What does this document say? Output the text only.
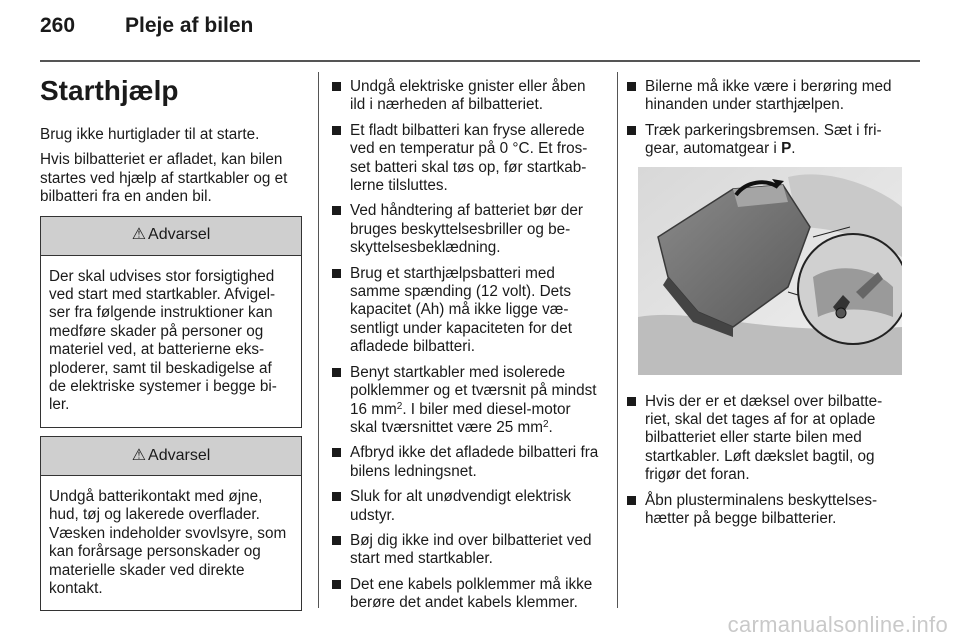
260 Pleje af bilen
Starthjælp

Brug ikke hurtiglader til at starte.

Hvis bilbatteriet er afladet, kan bilen startes ved hjælp af startkabler og et bilbatteri fra en anden bil.

⚠ Advarsel
Der skal udvises stor forsigtighed ved start med startkabler. Afvigel-ser fra følgende instruktioner kan medføre skader på personer og materiel ved, at batterierne eks-ploderer, samt til beskadigelse af de elektriske systemer i begge bi-ler.
⚠ Advarsel
Undgå batterikontakt med øjne, hud, tøj og lakerede overflader. Væsken indeholder svovlsyre, som kan forårsage personskader og materielle skader ved direkte kontakt.
Undgå elektriske gnister eller åben ild i nærheden af bilbatteriet.
Et fladt bilbatteri kan fryse allerede ved en temperatur på 0 °C. Et fros-set batteri skal tøs op, før startkab-lerne tilsluttes.
Ved håndtering af batteriet bør der bruges beskyttelsesbriller og be-skyttelsesbeklædning.
Brug et starthjælpsbatteri med samme spænding (12 volt). Dets kapacitet (Ah) må ikke ligge væ-sentligt under kapaciteten for det afladede bilbatteri.
Benyt startkabler med isolerede polklemmer og et tværsnit på mindst 16 $mm^2$. I biler med diesel-motor skal tværsnittet være 25 $mm^2$.
Afbryd ikke det afladede bilbatteri fra bilens ledningsnet.
Sluk for alt unødvendigt elektrisk udstyr.
Bøj dig ikke ind over bilbatteriet ved start med startkabler.
Det ene kabels polklemmer må ikke berøre det andet kabels klemmer.
Bilerne må ikke være i berøring med hinanden under starthjælpen.
Træk parkeringsbremsen. Sæt i fri-gear, automatgear i P.
Hvis der er et dæksel over bilbatte-riet, skal det tages af for at oplade bilbatteriet eller starte bilen med startkabler. Løft dækslet bagtil, og frigør det foran.
Åbn plusterminalens beskyttelses-hætter på begge bilbatterier.
carmanualsonline.info
